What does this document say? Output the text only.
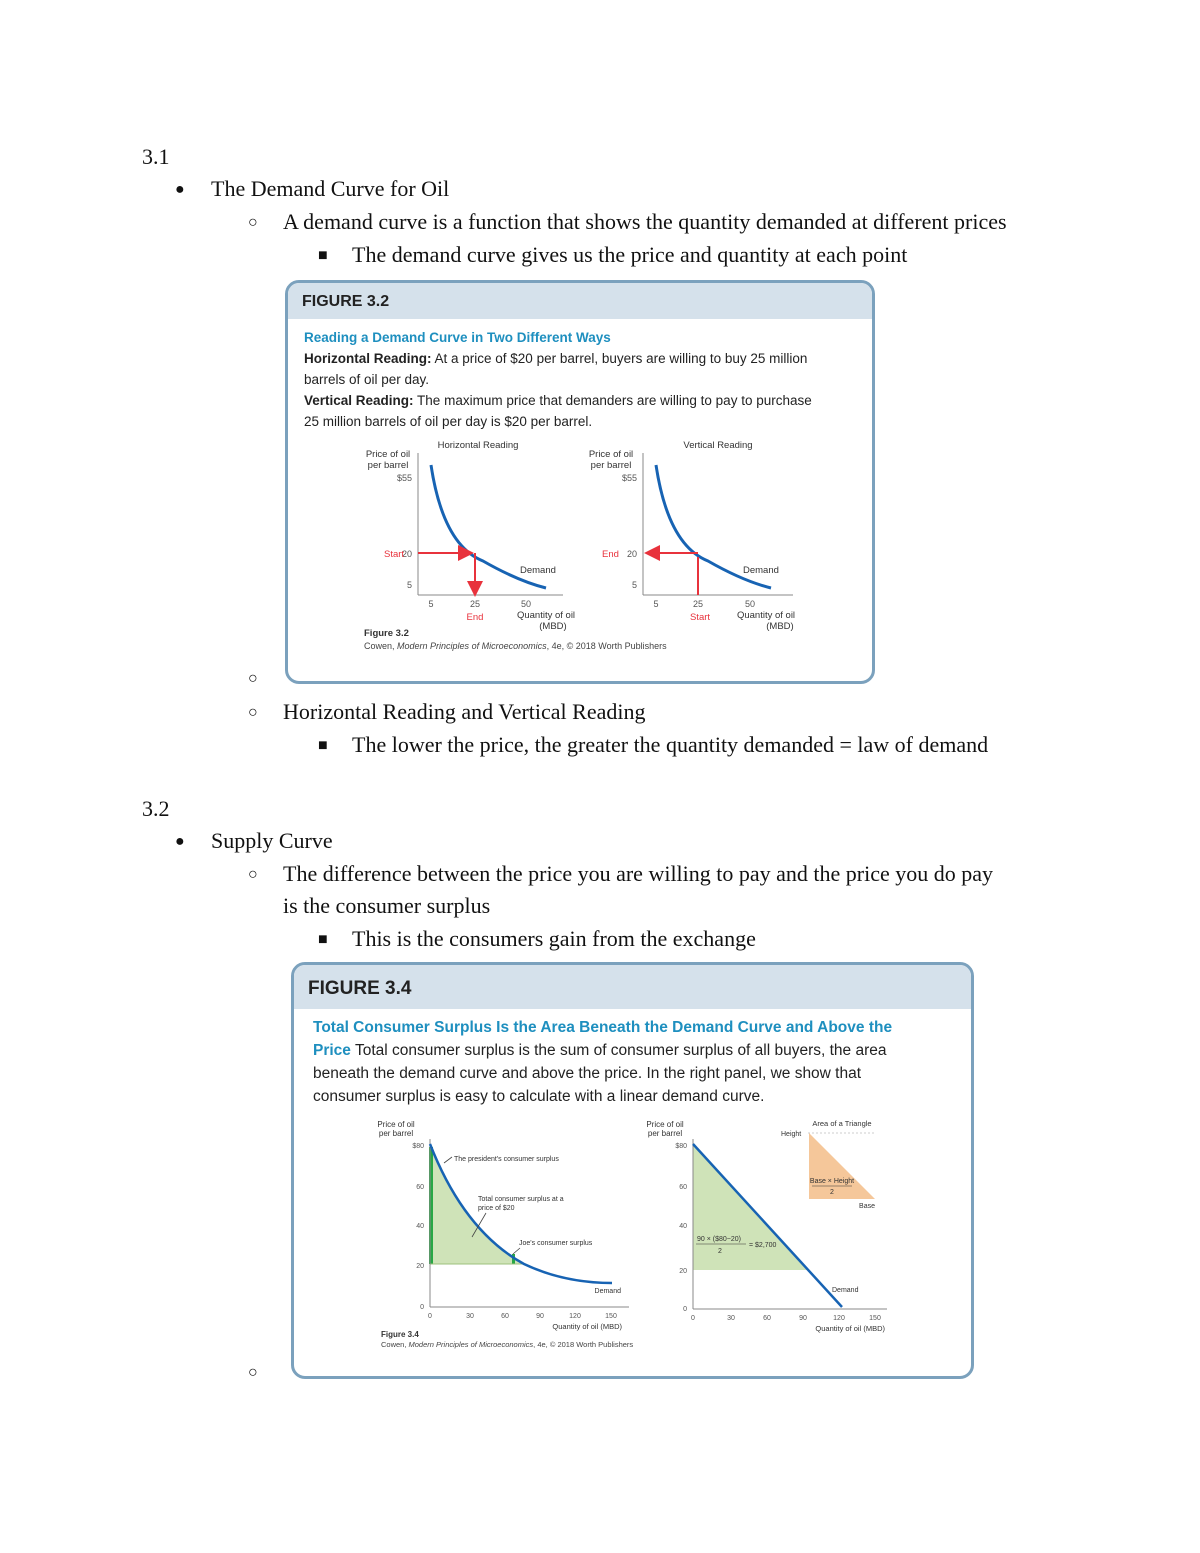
3.1
● The Demand Curve for Oil
○ A demand curve is a function that shows the quantity demanded at different prices
■ The demand curve gives us the price and quantity at each point
FIGURE 3.2
Reading a Demand Curve in Two Different Ways
Horizontal Reading: At a price of $20 per barrel, buyers are willing to buy 25 million
barrels of oil per day.
Vertical Reading: The maximum price that demanders are willing to pay to purchase
25 million barrels of oil per day is $20 per barrel.
Horizontal Reading
Price of oil
per barrel
$55
20
5
Start
Demand
5	25	50
End	Quantity of oil
(MBD)
Vertical Reading
Price of oil
per barrel
$55
20
5
End
Demand
5	25	50
Start	Quantity of oil
(MBD)
Figure 3.2
Cowen, Modern Principles of Microeconomics, 4e, © 2018 Worth Publishers
○
○ Horizontal Reading and Vertical Reading
■ The lower the price, the greater the quantity demanded = law of demand
3.2
● Supply Curve
○ The difference between the price you are willing to pay and the price you do pay
is the consumer surplus
■ This is the consumers gain from the exchange
FIGURE 3.4
Total Consumer Surplus Is the Area Beneath the Demand Curve and Above the
Price Total consumer surplus is the sum of consumer surplus of all buyers, the area
beneath the demand curve and above the price. In the right panel, we show that
consumer surplus is easy to calculate with a linear demand curve.
Price of oil
per barrel
$80
60
40
20
0
The president's consumer surplus
Total consumer surplus at a
price of $20
Joe's consumer surplus
Demand
0	30	60	90	120	150
Quantity of oil (MBD)
Figure 3.4
Cowen, Modern Principles of Microeconomics, 4e, © 2018 Worth Publishers
Price of oil
per barrel
$80
60
40
20
0
90 × ($80−20)
2
= $2,700
Demand
0	30	60	90	120	150
Quantity of oil (MBD)
Area of a Triangle
Height
Base × Height
2
Base
○
